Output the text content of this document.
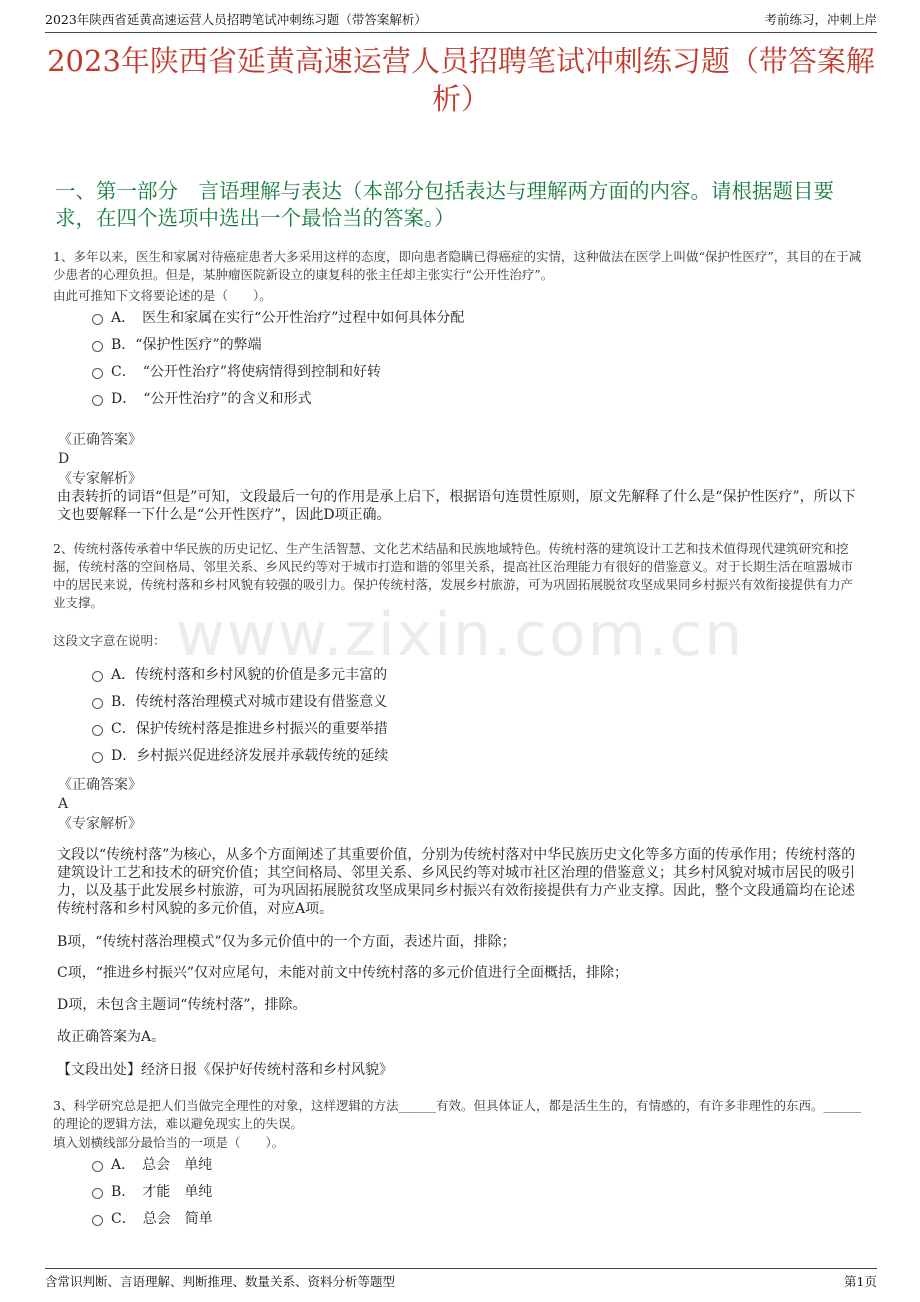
2023年陕西省延黄高速运营人员招聘笔试冲刺练习题（带答案解析）	考前练习，冲刺上岸
www.zixin.com.cn
2023年陕西省延黄高速运营人员招聘笔试冲刺练习题（带答案解析）
一、第一部分　言语理解与表达（本部分包括表达与理解两方面的内容。请根据题目要求，在四个选项中选出一个最恰当的答案。）
1、多年以来，医生和家属对待癌症患者大多采用这样的态度，即向患者隐瞒已得癌症的实情，这种做法在医学上叫做“保护性医疗”，其目的在于减少患者的心理负担。但是，某肿瘤医院新设立的康复科的张主任却主张实行“公开性治疗”。
由此可推知下文将要论述的是（　　）。
A．　医生和家属在实行“公开性治疗”过程中如何具体分配
B．“保护性医疗”的弊端
C．　“公开性治疗”将使病情得到控制和好转
D．　“公开性治疗”的含义和形式
《正确答案》
D
《专家解析》
由表转折的词语“但是”可知，文段最后一句的作用是承上启下，根据语句连贯性原则，原文先解释了什么是“保护性医疗”，所以下文也要解释一下什么是“公开性医疗”，因此D项正确。
2、传统村落传承着中华民族的历史记忆、生产生活智慧、文化艺术结晶和民族地域特色。传统村落的建筑设计工艺和技术值得现代建筑研究和挖掘，传统村落的空间格局、邻里关系、乡风民约等对于城市打造和谐的邻里关系，提高社区治理能力有很好的借鉴意义。对于长期生活在喧嚣城市中的居民来说，传统村落和乡村风貌有较强的吸引力。保护传统村落，发展乡村旅游，可为巩固拓展脱贫攻坚成果同乡村振兴有效衔接提供有力产业支撑。
这段文字意在说明：
A．传统村落和乡村风貌的价值是多元丰富的
B．传统村落治理模式对城市建设有借鉴意义
C．保护传统村落是推进乡村振兴的重要举措
D．乡村振兴促进经济发展并承载传统的延续
《正确答案》
A
《专家解析》
文段以“传统村落”为核心，从多个方面阐述了其重要价值，分别为传统村落对中华民族历史文化等多方面的传承作用；传统村落的建筑设计工艺和技术的研究价值；其空间格局、邻里关系、乡风民约等对城市社区治理的借鉴意义；其乡村风貌对城市居民的吸引力，以及基于此发展乡村旅游，可为巩固拓展脱贫攻坚成果同乡村振兴有效衔接提供有力产业支撑。因此，整个文段通篇均在论述传统村落和乡村风貌的多元价值，对应A项。
B项，“传统村落治理模式”仅为多元价值中的一个方面，表述片面，排除；
C项，“推进乡村振兴”仅对应尾句，未能对前文中传统村落的多元价值进行全面概括，排除；
D项，未包含主题词“传统村落”，排除。
故正确答案为A。
【文段出处】经济日报《保护好传统村落和乡村风貌》
3、科学研究总是把人们当做完全理性的对象，这样逻辑的方法______有效。但具体证人，都是活生生的，有情感的，有许多非理性的东西。______的理论的逻辑方法，难以避免现实上的失误。
填入划横线部分最恰当的一项是（　　）。
A．　总会　单纯
B．　才能　单纯
C．　总会　简单
含常识判断、言语理解、判断推理、数量关系、资料分析等题型	第1页
